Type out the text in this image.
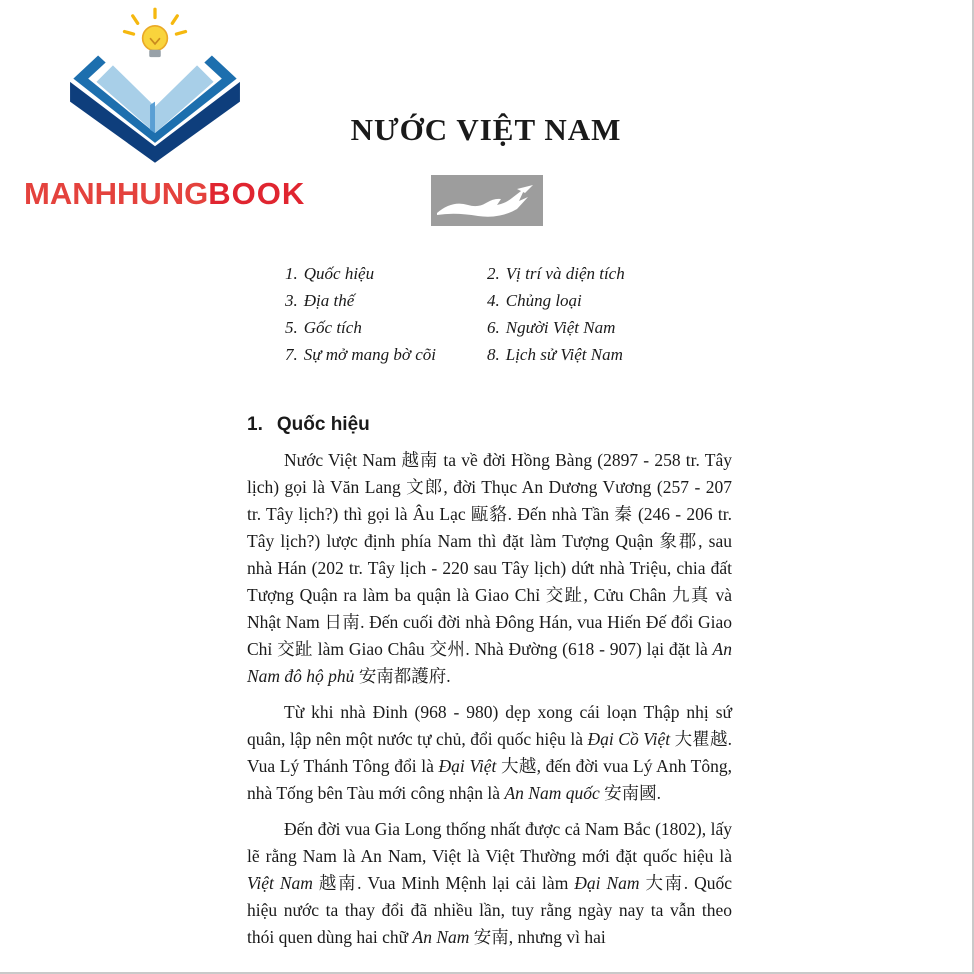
MANHHUNGBOOK
NƯỚC VIỆT NAM
1. Quốc hiệu	2. Vị trí và diện tích
3. Địa thế	4. Chủng loại
5. Gốc tích	6. Người Việt Nam
7. Sự mở mang bờ cõi	8. Lịch sử Việt Nam
1. Quốc hiệu

Nước Việt Nam 越南 ta về đời Hồng Bàng (2897 - 258 tr. Tây lịch) gọi là Văn Lang 文郎, đời Thục An Dương Vương (257 - 207 tr. Tây lịch?) thì gọi là Âu Lạc 甌貉. Đến nhà Tần 秦 (246 - 206 tr. Tây lịch?) lược định phía Nam thì đặt làm Tượng Quận 象郡, sau nhà Hán (202 tr. Tây lịch - 220 sau Tây lịch) dứt nhà Triệu, chia đất Tượng Quận ra làm ba quận là Giao Chỉ 交趾, Cửu Chân 九真 và Nhật Nam 日南. Đến cuối đời nhà Đông Hán, vua Hiến Đế đổi Giao Chỉ 交趾 làm Giao Châu 交州. Nhà Đường (618 - 907) lại đặt là An Nam đô hộ phủ 安南都護府.

Từ khi nhà Đinh (968 - 980) dẹp xong cái loạn Thập nhị sứ quân, lập nên một nước tự chủ, đổi quốc hiệu là Đại Cồ Việt 大瞿越. Vua Lý Thánh Tông đổi là Đại Việt 大越, đến đời vua Lý Anh Tông, nhà Tống bên Tàu mới công nhận là An Nam quốc 安南國.

Đến đời vua Gia Long thống nhất được cả Nam Bắc (1802), lấy lẽ rằng Nam là An Nam, Việt là Việt Thường mới đặt quốc hiệu là Việt Nam 越南. Vua Minh Mệnh lại cải làm Đại Nam 大南. Quốc hiệu nước ta thay đổi đã nhiều lần, tuy rằng ngày nay ta vẫn theo thói quen dùng hai chữ An Nam 安南, nhưng vì hai
